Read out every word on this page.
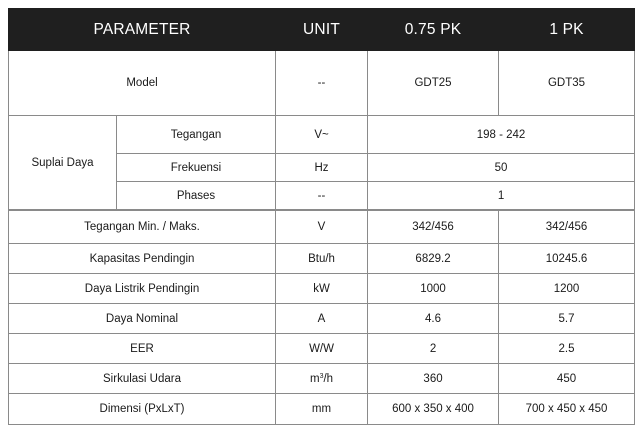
PARAMETER		UNIT	0.75 PK	1 PK
Model		--	GDT25	GDT35
Suplai Daya	Tegangan	V~	198 - 242	
	Frekuensi	Hz	50	
	Phases	--	1	
Tegangan Min. / Maks.		V	342/456	342/456
Kapasitas Pendingin		Btu/h	6829.2	10245.6
Daya Listrik Pendingin		kW	1000	1200
Daya Nominal		A	4.6	5.7
EER		W/W	2	2.5
Sirkulasi Udara		$m^3/h$	360	450
Dimensi (PxLxT)		mm	600 x 350 x 400	700 x 450 x 450
